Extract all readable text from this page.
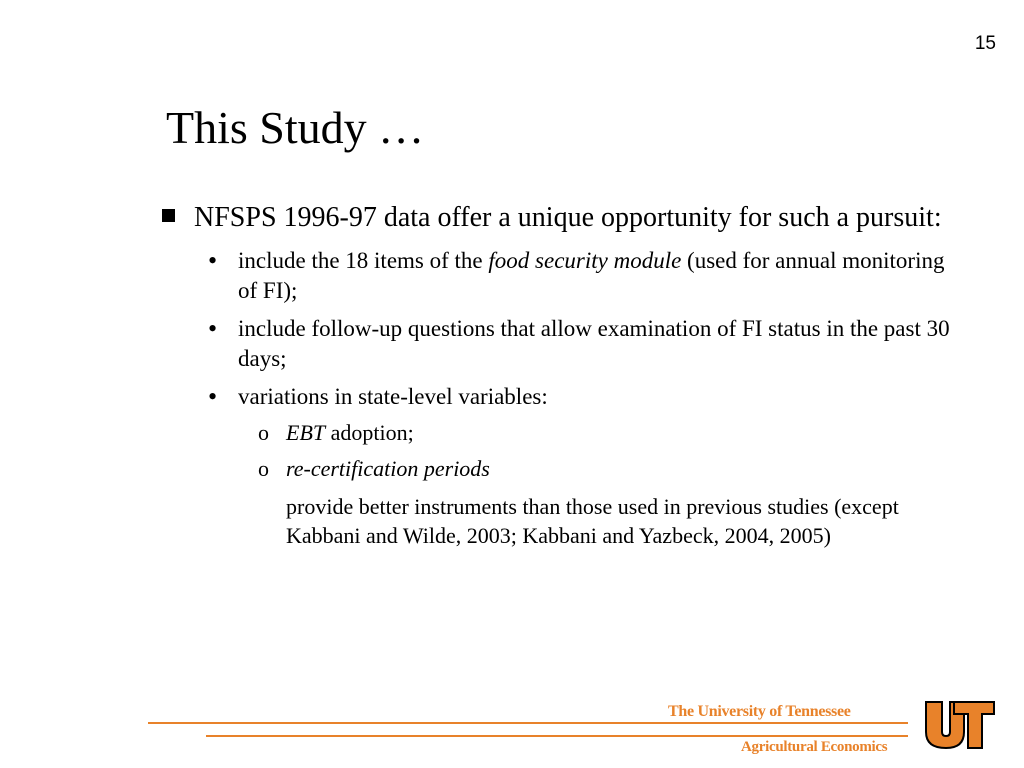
15
This Study …
NFSPS 1996-97 data offer a unique opportunity for such a pursuit:
• include the 18 items of the food security module (used for annual monitoring of FI);
• include follow-up questions that allow examination of FI status in the past 30 days;
• variations in state-level variables:
o EBT adoption;
o re-certification periods
provide better instruments than those used in previous studies (except Kabbani and Wilde, 2003; Kabbani and Yazbeck, 2004, 2005)
The University of Tennessee
Agricultural Economics
